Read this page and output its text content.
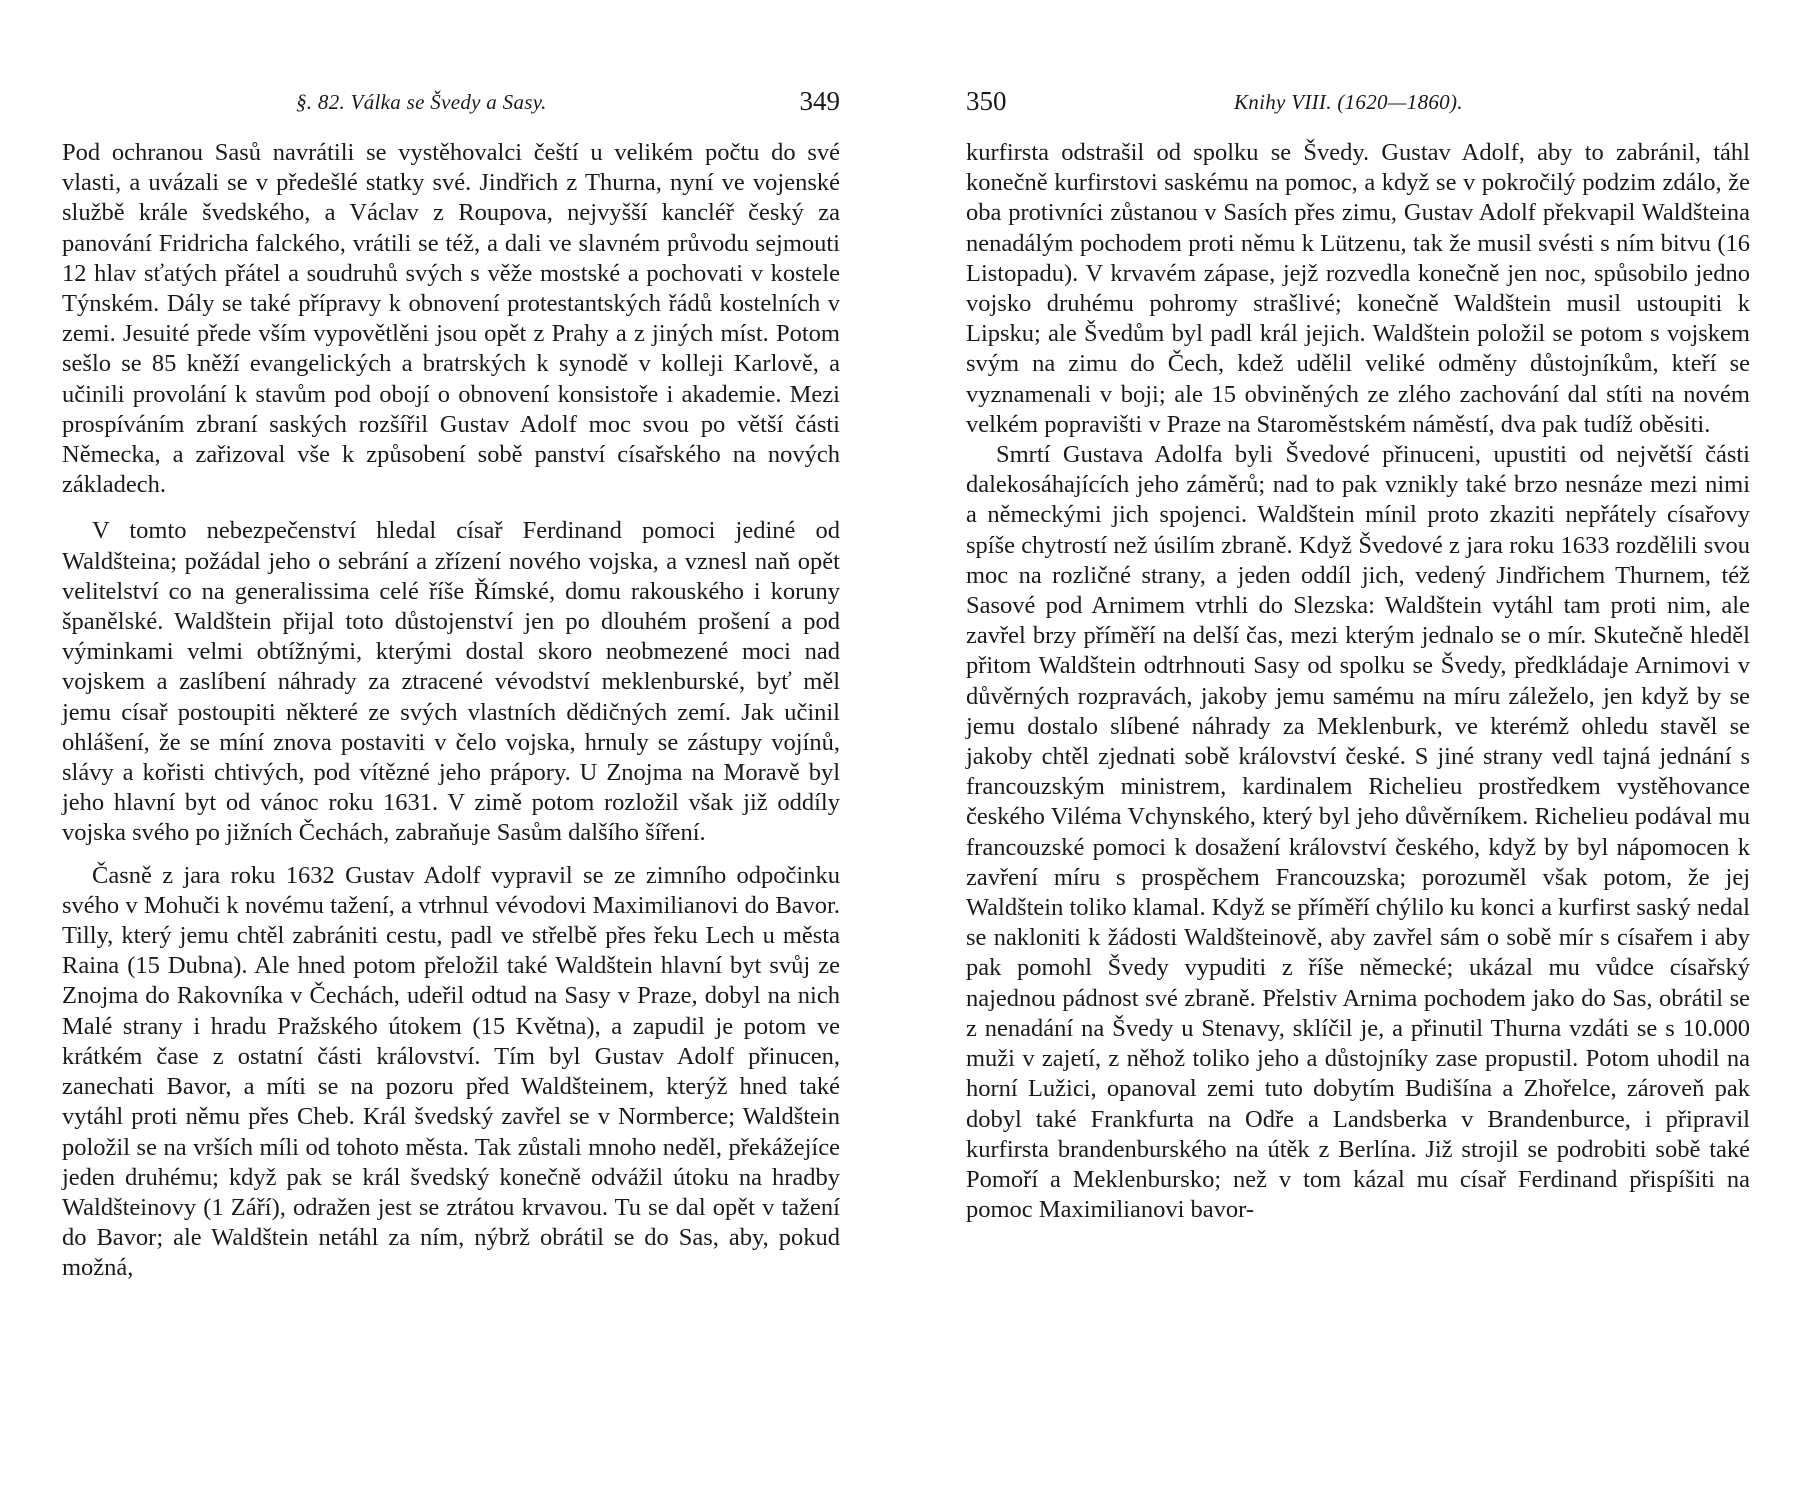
§. 82. Válka se Švedy a Sasy.	349

Pod ochranou Sasů navrátili se vystěhovalci čeští u velikém počtu do své vlasti, a uvázali se v předešlé statky své. Jindřich z Thurna, nyní ve vojenské službě krále švedského, a Václav z Roupova, nejvyšší kancléř český za panování Fridricha falckého, vrátili se též, a dali ve slavném průvodu sejmouti 12 hlav sťatých přátel a soudruhů svých s věže mostské a pochovati v kostele Týnském. Dály se také přípravy k obnovení protestantských řádů kostelních v zemi. Jesuité přede vším vypovětlěni jsou opět z Prahy a z jiných míst. Potom sešlo se 85 kněží evangelických a bratrských k synodě v kolleji Karlově, a učinili provolání k stavům pod obojí o obnovení konsistoře i akademie. Mezi prospíváním zbraní saských rozšířil Gustav Adolf moc svou po větší části Německa, a zařizoval vše k způsobení sobě panství císařského na nových základech.

V tomto nebezpečenství hledal císař Ferdinand pomoci jediné od Waldšteina; požádal jeho o sebrání a zřízení nového vojska, a vznesl naň opět velitelství co na generalissima celé říše Římské, domu rakouského i koruny španělské. Waldštein přijal toto důstojenství jen po dlouhém prošení a pod výminkami velmi obtížnými, kterými dostal skoro neobmezené moci nad vojskem a zaslíbení náhrady za ztracené vévodství meklenburské, byť měl jemu císař postoupiti některé ze svých vlastních dědičných zemí. Jak učinil ohlášení, že se míní znova postaviti v čelo vojska, hrnuly se zástupy vojínů, slávy a kořisti chtivých, pod vítězné jeho prápory. U Znojma na Moravě byl jeho hlavní byt od vánoc roku 1631. V zimě potom rozložil však již oddíly vojska svého po jižních Čechách, zabraňuje Sasům dalšího šíření.

Časně z jara roku 1632 Gustav Adolf vypravil se ze zimního odpočinku svého v Mohuči k novému tažení, a vtrhnul vévodovi Maximilianovi do Bavor. Tilly, který jemu chtěl zabrániti cestu, padl ve střelbě přes řeku Lech u města Raina (15 Dubna). Ale hned potom přeložil také Waldštein hlavní byt svůj ze Znojma do Rakovníka v Čechách, udeřil odtud na Sasy v Praze, dobyl na nich Malé strany i hradu Pražského útokem (15 Května), a zapudil je potom ve krátkém čase z ostatní části království. Tím byl Gustav Adolf přinucen, zanechati Bavor, a míti se na pozoru před Waldšteinem, kterýž hned také vytáhl proti němu přes Cheb. Král švedský zavřel se v Normberce; Waldštein položil se na vrších míli od tohoto města. Tak zůstali mnoho neděl, překážejíce jeden druhému; když pak se král švedský konečně odvážil útoku na hradby Waldšteinovy (1 Září), odražen jest se ztrátou krvavou. Tu se dal opět v tažení do Bavor; ale Waldštein netáhl za ním, nýbrž obrátil se do Sas, aby, pokud možná,

350	Knihy VIII. (1620—1860).

kurfirsta odstrašil od spolku se Švedy. Gustav Adolf, aby to zabránil, táhl konečně kurfirstovi saskému na pomoc, a když se v pokročilý podzim zdálo, že oba protivníci zůstanou v Sasích přes zimu, Gustav Adolf překvapil Waldšteina nenadálým pochodem proti němu k Lützenu, tak že musil svésti s ním bitvu (16 Listopadu). V krvavém zápase, jejž rozvedla konečně jen noc, spůsobilo jedno vojsko druhému pohromy strašlivé; konečně Waldštein musil ustoupiti k Lipsku; ale Švedům byl padl král jejich. Waldštein položil se potom s vojskem svým na zimu do Čech, kdež udělil veliké odměny důstojníkům, kteří se vyznamenali v boji; ale 15 obviněných ze zlého zachování dal stíti na novém velkém popravišti v Praze na Staroměstském náměstí, dva pak tudíž oběsiti.

Smrtí Gustava Adolfa byli Švedové přinuceni, upustiti od největší části dalekosáhajících jeho záměrů; nad to pak vznikly také brzo nesnáze mezi nimi a německými jich spojenci. Waldštein mínil proto zkaziti nepřátely císařovy spíše chytrostí než úsilím zbraně. Když Švedové z jara roku 1633 rozdělili svou moc na rozličné strany, a jeden oddíl jich, vedený Jindřichem Thurnem, též Sasové pod Arnimem vtrhli do Slezska: Waldštein vytáhl tam proti nim, ale zavřel brzy příměří na delší čas, mezi kterým jednalo se o mír. Skutečně hleděl přitom Waldštein odtrhnouti Sasy od spolku se Švedy, předkládaje Arnimovi v důvěrných rozpravách, jakoby jemu samému na míru záleželo, jen když by se jemu dostalo slíbené náhrady za Meklenburk, ve kterémž ohledu stavěl se jakoby chtěl zjednati sobě království české. S jiné strany vedl tajná jednání s francouzským ministrem, kardinalem Richelieu prostředkem vystěhovance českého Viléma Vchynského, který byl jeho důvěrníkem. Richelieu podával mu francouzské pomoci k dosažení království českého, když by byl nápomocen k zavření míru s prospěchem Francouzska; porozuměl však potom, že jej Waldštein toliko klamal. Když se příměří chýlilo ku konci a kurfirst saský nedal se nakloniti k žádosti Waldšteinově, aby zavřel sám o sobě mír s císařem i aby pak pomohl Švedy vypuditi z říše německé; ukázal mu vůdce císařský najednou pádnost své zbraně. Přelstiv Arnima pochodem jako do Sas, obrátil se z nenadání na Švedy u Stenavy, sklíčil je, a přinutil Thurna vzdáti se s 10.000 muži v zajetí, z něhož toliko jeho a důstojníky zase propustil. Potom uhodil na horní Lužici, opanoval zemi tuto dobytím Budišína a Zhořelce, zároveň pak dobyl také Frankfurta na Odře a Landsberka v Brandenburce, i připravil kurfirsta brandenburského na útěk z Berlína. Již strojil se podrobiti sobě také Pomoří a Meklenbursko; než v tom kázal mu císař Ferdinand přispíšiti na pomoc Maximilianovi bavor-
